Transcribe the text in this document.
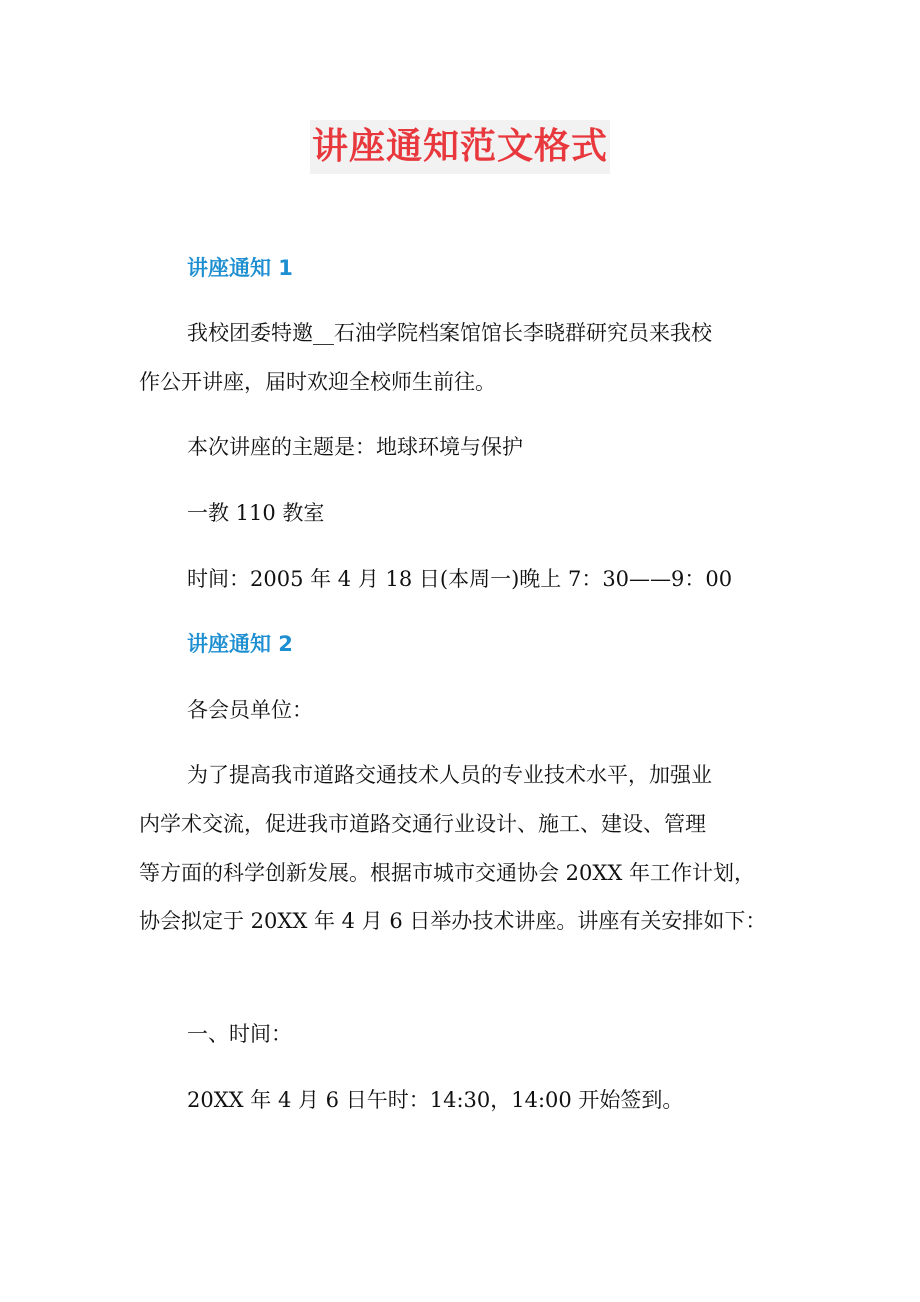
讲座通知范文格式
讲座通知 1
我校团委特邀__石油学院档案馆馆长李晓群研究员来我校
作公开讲座，届时欢迎全校师生前往。
本次讲座的主题是：地球环境与保护
一教 110 教室
时间：2005 年 4 月 18 日(本周一)晚上 7：30——9：00
讲座通知 2
各会员单位：
为了提高我市道路交通技术人员的专业技术水平，加强业
内学术交流，促进我市道路交通行业设计、施工、建设、管理
等方面的科学创新发展。根据市城市交通协会 20XX 年工作计划，
协会拟定于 20XX 年 4 月 6 日举办技术讲座。讲座有关安排如下：
一、时间：
20XX 年 4 月 6 日午时：14:30，14:00 开始签到。
